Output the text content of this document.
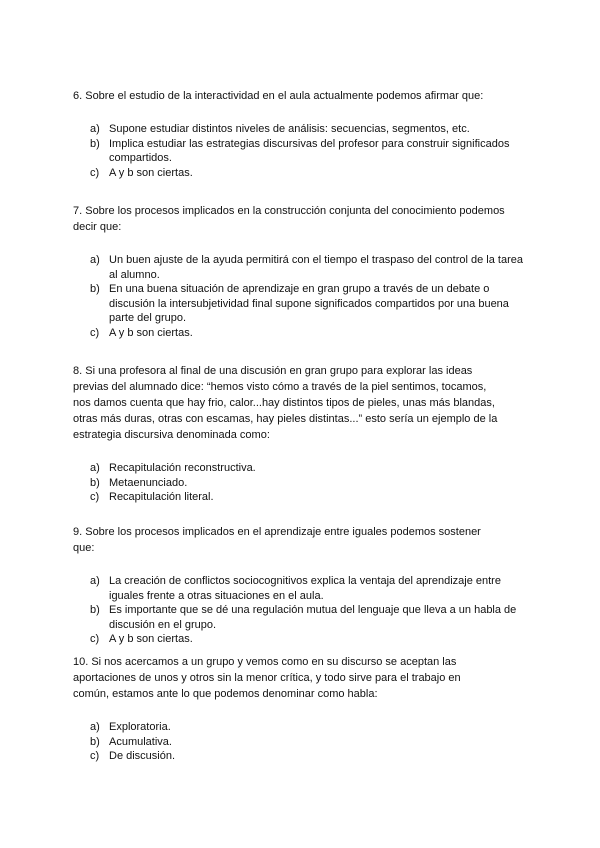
6. Sobre el estudio de la interactividad en el aula actualmente podemos afirmar que:

a) Supone estudiar distintos niveles de análisis: secuencias, segmentos, etc.
b) Implica estudiar las estrategias discursivas del profesor para construir significados
compartidos.
c) A y b son ciertas.

7. Sobre los procesos implicados en la construcción conjunta del conocimiento podemos
decir que:

a) Un buen ajuste de la ayuda permitirá con el tiempo el traspaso del control de la tarea
al alumno.
b) En una buena situación de aprendizaje en gran grupo a través de un debate o
discusión la intersubjetividad final supone significados compartidos por una buena
parte del grupo.
c) A y b son ciertas.

8. Si una profesora al final de una discusión en gran grupo para explorar las ideas
previas del alumnado dice: “hemos visto cómo a través de la piel sentimos, tocamos,
nos damos cuenta que hay frio, calor...hay distintos tipos de pieles, unas más blandas,
otras más duras, otras con escamas, hay pieles distintas...” esto sería un ejemplo de la
estrategia discursiva denominada como:

a) Recapitulación reconstructiva.
b) Metaenunciado.
c) Recapitulación literal.

9. Sobre los procesos implicados en el aprendizaje entre iguales podemos sostener
que:

a) La creación de conflictos sociocognitivos explica la ventaja del aprendizaje entre
iguales frente a otras situaciones en el aula.
b) Es importante que se dé una regulación mutua del lenguaje que lleva a un habla de
discusión en el grupo.
c) A y b son ciertas.

10. Si nos acercamos a un grupo y vemos como en su discurso se aceptan las
aportaciones de unos y otros sin la menor crítica, y todo sirve para el trabajo en
común, estamos ante lo que podemos denominar como habla:

a) Exploratoria.
b) Acumulativa.
c) De discusión.
